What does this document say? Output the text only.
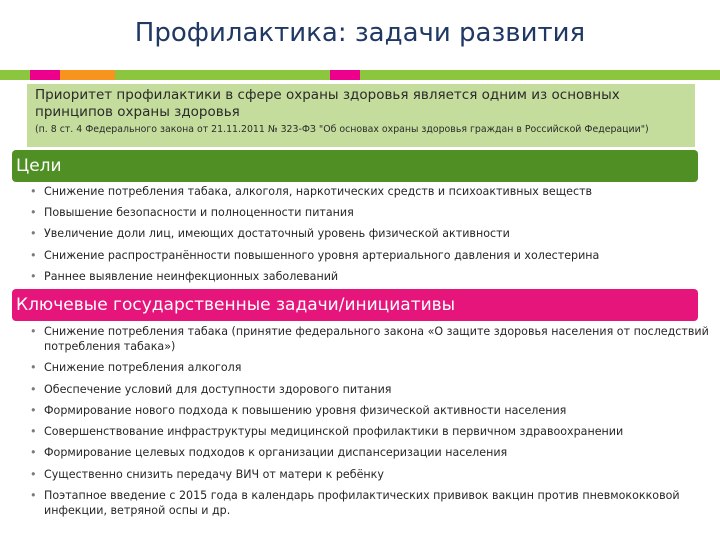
Профилактика: задачи развития
Приоритет профилактики в сфере охраны здоровья является одним из основных принципов охраны здоровья
(п. 8 ст. 4 Федерального закона от 21.11.2011 № 323-ФЗ "Об основах охраны здоровья граждан в Российской Федерации")
Цели
• Снижение потребления табака, алкоголя, наркотических средств и психоактивных веществ
• Повышение безопасности и полноценности питания
• Увеличение доли лиц, имеющих достаточный уровень физической активности
• Снижение распространённости повышенного уровня артериального давления и холестерина
• Раннее выявление неинфекционных заболеваний
Ключевые государственные задачи/инициативы
• Снижение потребления табака (принятие федерального закона «О защите здоровья населения от последствий потребления табака»)
• Снижение потребления алкоголя
• Обеспечение условий для доступности здорового питания
• Формирование нового подхода к повышению уровня физической активности населения
• Совершенствование инфраструктуры медицинской профилактики в первичном здравоохранении
• Формирование целевых подходов к организации диспансеризации населения
• Существенно снизить передачу ВИЧ от матери к ребёнку
• Поэтапное введение с 2015 года в календарь профилактических прививок вакцин против пневмококковой инфекции, ветряной оспы и др.
